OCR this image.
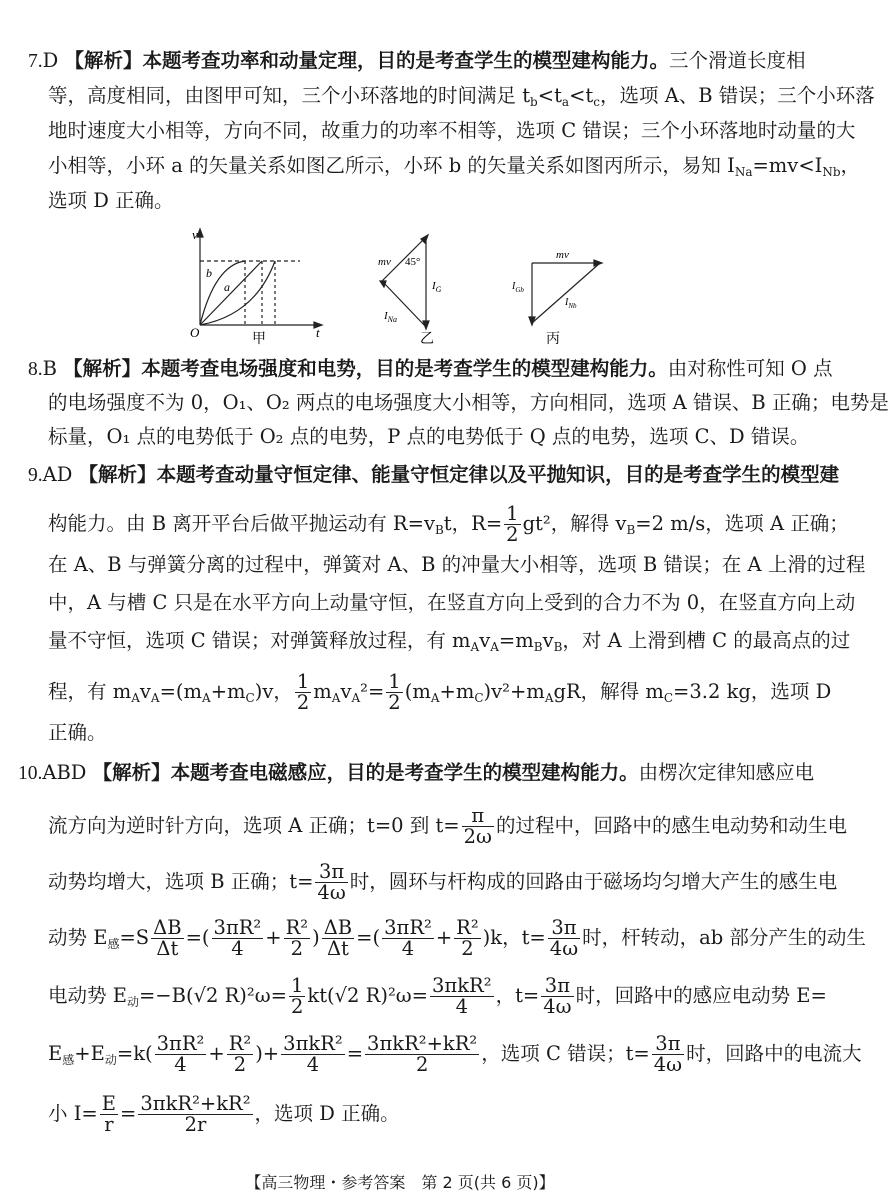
7.D 【解析】本题考查功率和动量定理，目的是考查学生的模型建构能力。三个滑道长度相
等，高度相同，由图甲可知，三个小环落地的时间满足 $t_b<t_a<t_c$，选项 A、B 错误；三个小环落
地时速度大小相等，方向不同，故重力的功率不相等，选项 C 错误；三个小环落地时动量的大
小相等，小环 a 的矢量关系如图乙所示，小环 b 的矢量关系如图丙所示，易知 $I_{Na}=mv<I_{Nb}$，
选项 D 正确。
v
t
O
b
a
甲
mv 45°
$I_G$
$I_{Na}$
乙
mv
$I_{Gb}$
$I_{Nb}$
丙
8.B 【解析】本题考查电场强度和电势，目的是考查学生的模型建构能力。由对称性可知 O 点
的电场强度不为 0，O₁、O₂ 两点的电场强度大小相等，方向相同，选项 A 错误、B 正确；电势是
标量，O₁ 点的电势低于 O₂ 点的电势，P 点的电势低于 Q 点的电势，选项 C、D 错误。
9.AD 【解析】本题考查动量守恒定律、能量守恒定律以及平抛知识，目的是考查学生的模型建
构能力。由 B 离开平台后做平抛运动有 $R=v_Bt$，$R= \frac{1}{2} gt^2$，解得 $v_B=2$ m/s，选项 A 正确；
在 A、B 与弹簧分离的过程中，弹簧对 A、B 的冲量大小相等，选项 B 错误；在 A 上滑的过程
中，A 与槽 C 只是在水平方向上动量守恒，在竖直方向上受到的合力不为 0，在竖直方向上动
量不守恒，选项 C 错误；对弹簧释放过程，有 $m_Av_A=m_Bv_B$，对 A 上滑到槽 C 的最高点的过
程，有 $m_Av_A=(m_A+m_C)v$， $\frac{1}{2} m_Av_A^2= \frac{1}{2} (m_A+m_C)v^2+m_AgR$，解得 $m_C=3.2$ kg，选项 D
正确。
10.ABD 【解析】本题考查电磁感应，目的是考查学生的模型建构能力。由楞次定律知感应电
流方向为逆时针方向，选项 A 正确；t=0 到 $t= \frac{\pi}{2\omega}$ 的过程中，回路中的感生电动势和动生电
动势均增大，选项 B 正确；$t= \frac{3\pi}{4\omega}$ 时，圆环与杆构成的回路由于磁场均匀增大产生的感生电
动势 $E_感=S \frac{\Delta B}{\Delta t}$ =( $\frac{\text{3πR²}}{4} + \frac{\text{R²}}{2}$ ) $\frac{\Delta B}{\Delta t}$ =( $\frac{\text{3πR²}}{4} + \frac{\text{R²}}{2} )k$，$t= \frac{3\pi}{4\omega}$ 时，杆转动，ab 部分产生的动生
电动势 $E_动=-B(√2$ $R)^2\omega= \frac{1}{2} kt(√2$ $R)^2\omega= \frac{\text{3πkR²}}{4}$ ，$t= \frac{3\pi}{4\omega}$ 时，回路中的感应电动势 E=
$E_感+E_动=k( \frac{\text{3πR²}}{4} + \frac{\text{R²}}{2}$ )+ $\frac{\text{3πkR²}}{4} = \frac{\text{3πkR²+kR²}}{2}$ ，选项 C 错误；$t= \frac{3\pi}{4\omega}$ 时，回路中的电流大
小 $I= \frac{E}{r} = \frac{\text{3πkR²+kR²}}{2r}$ ，选项 D 正确。
【高三物理・参考答案　第 2 页(共 6 页)】
